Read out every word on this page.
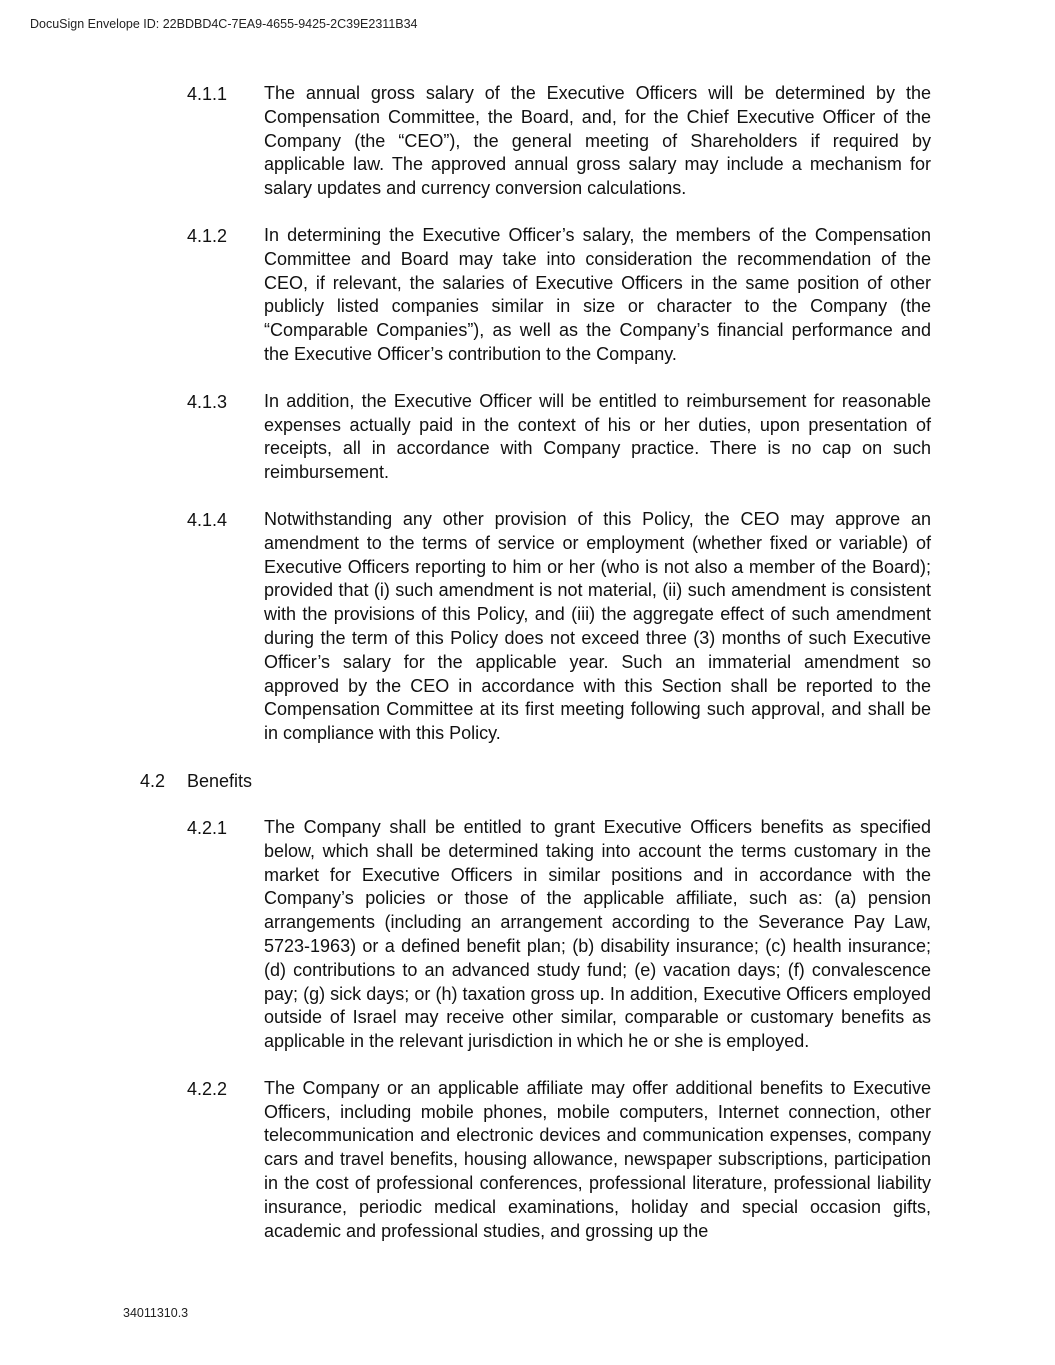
DocuSign Envelope ID: 22BDBD4C-7EA9-4655-9425-2C39E2311B34
4.1.1 The annual gross salary of the Executive Officers will be determined by the Compensation Committee, the Board, and, for the Chief Executive Officer of the Company (the “CEO”), the general meeting of Shareholders if required by applicable law. The approved annual gross salary may include a mechanism for salary updates and currency conversion calculations.
4.1.2 In determining the Executive Officer’s salary, the members of the Compensation Committee and Board may take into consideration the recommendation of the CEO, if relevant, the salaries of Executive Officers in the same position of other publicly listed companies similar in size or character to the Company (the “Comparable Companies”), as well as the Company’s financial performance and the Executive Officer’s contribution to the Company.
4.1.3 In addition, the Executive Officer will be entitled to reimbursement for reasonable expenses actually paid in the context of his or her duties, upon presentation of receipts, all in accordance with Company practice. There is no cap on such reimbursement.
4.1.4 Notwithstanding any other provision of this Policy, the CEO may approve an amendment to the terms of service or employment (whether fixed or variable) of Executive Officers reporting to him or her (who is not also a member of the Board); provided that (i) such amendment is not material, (ii) such amendment is consistent with the provisions of this Policy, and (iii) the aggregate effect of such amendment during the term of this Policy does not exceed three (3) months of such Executive Officer’s salary for the applicable year. Such an immaterial amendment so approved by the CEO in accordance with this Section shall be reported to the Compensation Committee at its first meeting following such approval, and shall be in compliance with this Policy.
4.2 Benefits
4.2.1 The Company shall be entitled to grant Executive Officers benefits as specified below, which shall be determined taking into account the terms customary in the market for Executive Officers in similar positions and in accordance with the Company’s policies or those of the applicable affiliate, such as: (a) pension arrangements (including an arrangement according to the Severance Pay Law, 5723-1963) or a defined benefit plan; (b) disability insurance; (c) health insurance; (d) contributions to an advanced study fund; (e) vacation days; (f) convalescence pay; (g) sick days; or (h) taxation gross up. In addition, Executive Officers employed outside of Israel may receive other similar, comparable or customary benefits as applicable in the relevant jurisdiction in which he or she is employed.
4.2.2 The Company or an applicable affiliate may offer additional benefits to Executive Officers, including mobile phones, mobile computers, Internet connection, other telecommunication and electronic devices and communication expenses, company cars and travel benefits, housing allowance, newspaper subscriptions, participation in the cost of professional conferences, professional literature, professional liability insurance, periodic medical examinations, holiday and special occasion gifts, academic and professional studies, and grossing up the
34011310.3
